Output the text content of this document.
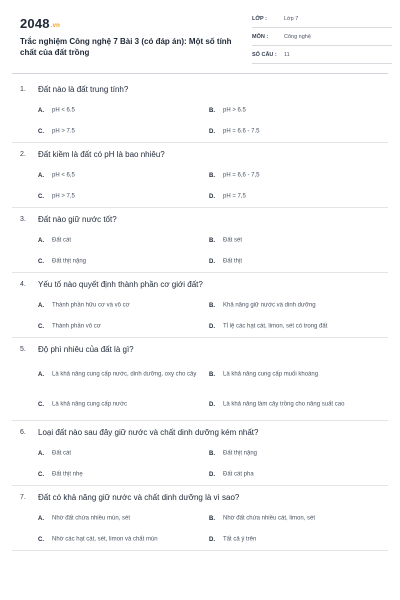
2048.vn
Trắc nghiệm Công nghệ 7 Bài 3 (có đáp án): Một số tính chất của đất trồng
LỚP :	Lớp 7
MÔN :	Công nghệ
SỐ CÂU : 11
1. Đất nào là đất trung tính?
A. pH < 6.5	B. pH > 6.5
C. pH > 7.5	D. pH = 6.6 - 7.5
2. Đất kiềm là đất có pH là bao nhiêu?
A. pH < 6,5	B. pH = 6,6 - 7,5
C. pH > 7,5	D. pH = 7,5
3. Đất nào giữ nước tốt?
A. Đất cát	B. Đất sét
C. Đất thịt nặng	D. Đất thịt
4. Yếu tố nào quyết định thành phần cơ giới đất?
A. Thành phần hữu cơ và vô cơ	B. Khả năng giữ nước và dinh dưỡng
C. Thành phần vô cơ	D. Tỉ lệ các hạt cát, limon, sét có trong đất
5. Độ phì nhiêu của đất là gì?
A. Là khả năng cung cấp nước, dinh dưỡng, oxy cho cây	B. Là khả năng cung cấp muối khoáng
C. Là khả năng cung cấp nước	D. Là khả năng làm cây trồng cho năng suất cao
6. Loại đất nào sau đây giữ nước và chất dinh dưỡng kém nhất?
A. Đất cát	B. Đất thịt nặng
C. Đất thịt nhẹ	D. Đất cát pha
7. Đất có khả năng giữ nước và chất dinh dưỡng là vì sao?
A. Nhờ đất chứa nhiều mùn, sét	B. Nhờ đất chứa nhiều cát, limon, sét
C. Nhờ các hạt cát, sét, limon và chất mùn	D. Tất cả ý trên
